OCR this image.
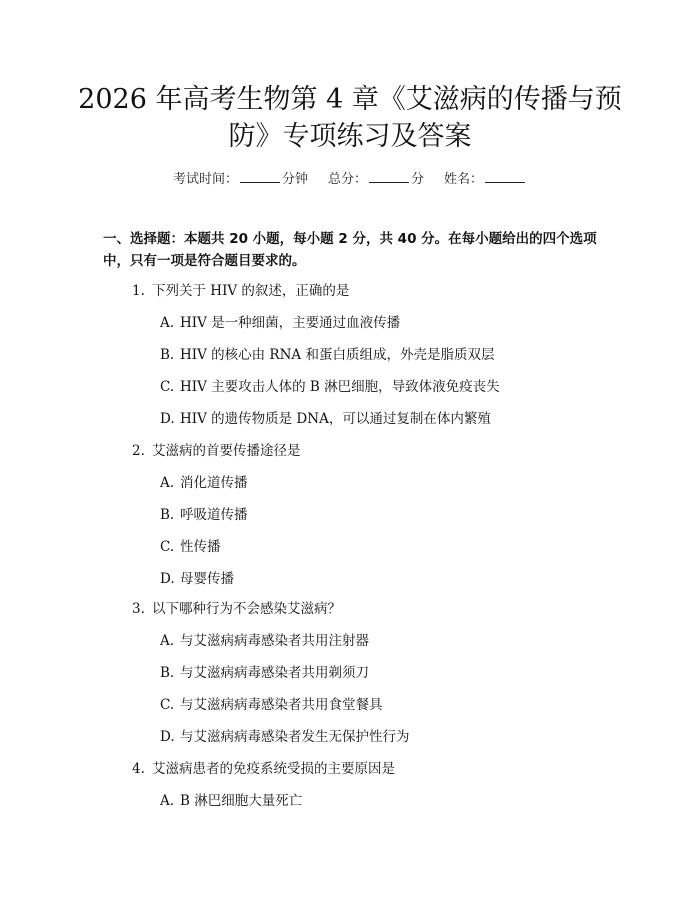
2026 年高考生物第 4 章《艾滋病的传播与预
防》专项练习及答案
考试时间：	分钟 总分：	分 姓名：
一、选择题：本题共 20 小题，每小题 2 分，共 40 分。在每小题给出的四个选项中，只有一项是符合题目要求的。
1. 下列关于 HIV 的叙述，正确的是
A. HIV 是一种细菌，主要通过血液传播
B. HIV 的核心由 RNA 和蛋白质组成，外壳是脂质双层
C. HIV 主要攻击人体的 B 淋巴细胞，导致体液免疫丧失
D. HIV 的遗传物质是 DNA，可以通过复制在体内繁殖
2. 艾滋病的首要传播途径是
A. 消化道传播
B. 呼吸道传播
C. 性传播
D. 母婴传播
3. 以下哪种行为不会感染艾滋病？
A. 与艾滋病病毒感染者共用注射器
B. 与艾滋病病毒感染者共用剃须刀
C. 与艾滋病病毒感染者共用食堂餐具
D. 与艾滋病病毒感染者发生无保护性行为
4. 艾滋病患者的免疫系统受损的主要原因是
A. B 淋巴细胞大量死亡
